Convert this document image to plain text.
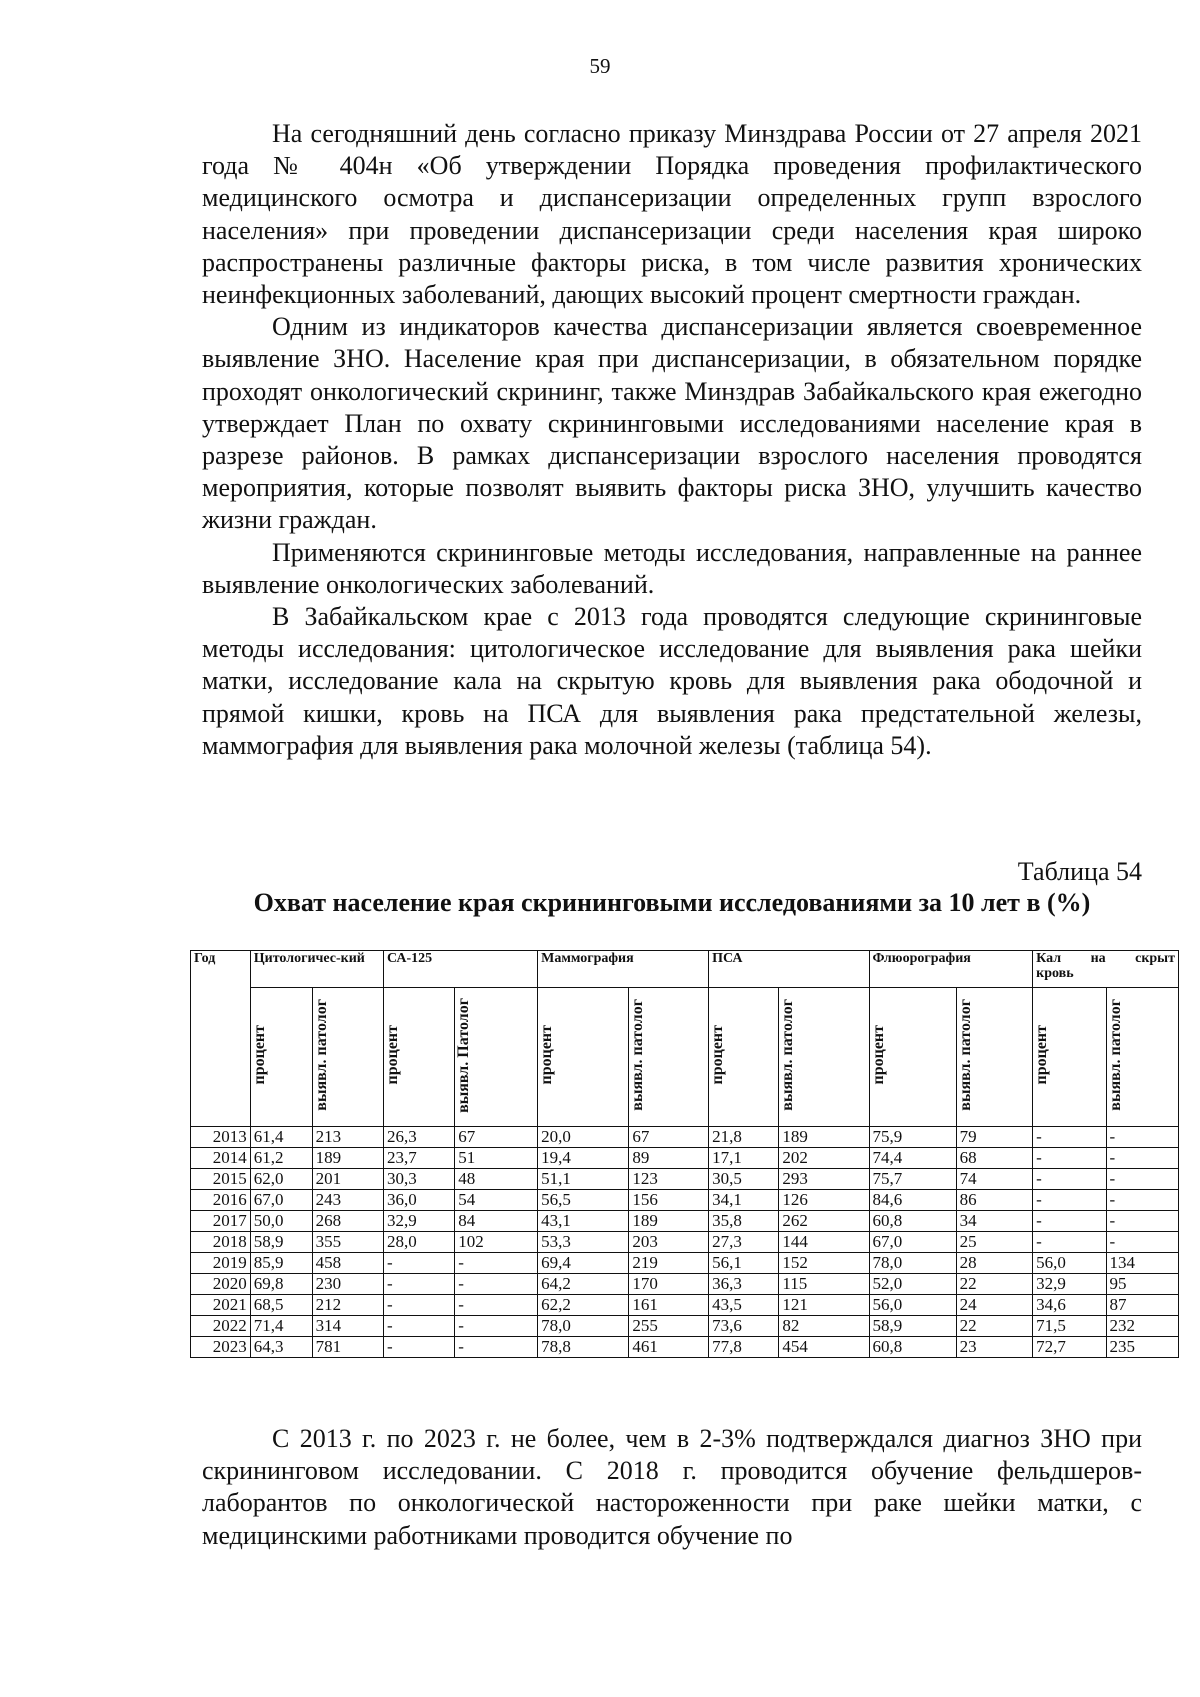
59

На сегодняшний день согласно приказу Минздрава России от 27 апреля 2021 года № 404н «Об утверждении Порядка проведения профилактического медицинского осмотра и диспансеризации определенных групп взрослого населения» при проведении диспансеризации среди населения края широко распространены различные факторы риска, в том числе развития хронических неинфекционных заболеваний, дающих высокий процент смертности граждан.

Одним из индикаторов качества диспансеризации является своевременное выявление ЗНО. Население края при диспансеризации, в обязательном порядке проходят онкологический скрининг, также Минздрав Забайкальского края ежегодно утверждает План по охвату скрининговыми исследованиями население края в разрезе районов. В рамках диспансеризации взрослого населения проводятся мероприятия, которые позволят выявить факторы риска ЗНО, улучшить качество жизни граждан.

Применяются скрининговые методы исследования, направленные на раннее выявление онкологических заболеваний.

В Забайкальском крае с 2013 года проводятся следующие скрининговые методы исследования: цитологическое исследование для выявления рака шейки матки, исследование кала на скрытую кровь для выявления рака ободочной и прямой кишки, кровь на ПСА для выявления рака предстательной железы, маммография для выявления рака молочной железы (таблица 54).

Таблица 54
Охват население края скрининговыми исследованиями за 10 лет в (%)
Год	Цитологичес-кий		СА-125		Маммография		ПСА		Флюорография		Кал на скрыт
кровь	

	процент	выявл. патолог	процент	выявл. Патолог	процент	выявл. патолог	процент	выявл. патолог	процент	выявл. патолог	процент	выявл. патолог
2013	61,4	213	26,3	67	20,0	67	21,8	189	75,9	79	-	-
2014	61,2	189	23,7	51	19,4	89	17,1	202	74,4	68	-	-
2015	62,0	201	30,3	48	51,1	123	30,5	293	75,7	74	-	-
2016	67,0	243	36,0	54	56,5	156	34,1	126	84,6	86	-	-
2017	50,0	268	32,9	84	43,1	189	35,8	262	60,8	34	-	-
2018	58,9	355	28,0	102	53,3	203	27,3	144	67,0	25	-	-
2019	85,9	458	-	-	69,4	219	56,1	152	78,0	28	56,0	134
2020	69,8	230	-	-	64,2	170	36,3	115	52,0	22	32,9	95
2021	68,5	212	-	-	62,2	161	43,5	121	56,0	24	34,6	87
2022	71,4	314	-	-	78,0	255	73,6	82	58,9	22	71,5	232
2023	64,3	781	-	-	78,8	461	77,8	454	60,8	23	72,7	235

С 2013 г. по 2023 г. не более, чем в 2-3% подтверждался диагноз ЗНО при скрининговом исследовании. С 2018 г. проводится обучение фельдшеров-лаборантов по онкологической настороженности при раке шейки матки, с медицинскими работниками проводится обучение по
